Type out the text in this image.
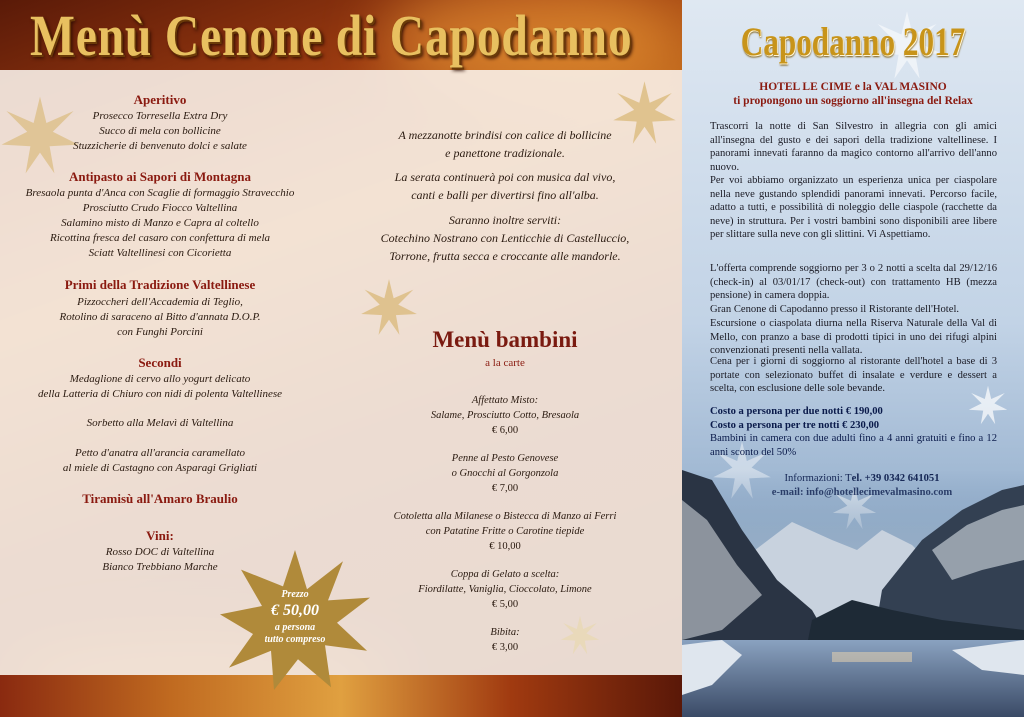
Menù Cenone di Capodanno
Aperitivo
Prosecco Torresella Extra Dry
Succo di mela con bollicine
Stuzzicherie di benvenuto dolci e salate
Antipasto ai Sapori di Montagna
Bresaola punta d'Anca con Scaglie di formaggio Stravecchio
Prosciutto Crudo Fiocco Valtellina
Salamino misto di Manzo e Capra al coltello
Ricottina fresca del casaro con confettura di mela
Sciatt Valtellinesi con Cicorietta
Primi della Tradizione Valtellinese
Pizzoccheri dell'Accademia di Teglio,
Rotolino di saraceno al Bitto d'annata D.O.P.
con Funghi Porcini
Secondi
Medaglione di cervo allo yogurt delicato
della Latteria di Chiuro con nidi di polenta Valtellinese
Sorbetto alla Melavì di Valtellina
Petto d'anatra all'arancia caramellato
al miele di Castagno con Asparagi Grigliati
Tiramisù all'Amaro Braulio
Vini:
Rosso DOC di Valtellina
Bianco Trebbiano Marche
A mezzanotte brindisi con calice di bollicine
e panettone tradizionale.
La serata continuerà poi con musica dal vivo,
canti e balli per divertirsi fino all'alba.
Saranno inoltre serviti:
Cotechino Nostrano con Lenticchie di Castelluccio,
Torrone, frutta secca e croccante alle mandorle.
Menù bambini
a la carte
Affettato Misto:
Salame, Prosciutto Cotto, Bresaola
€ 6,00
Penne al Pesto Genovese
o Gnocchi al Gorgonzola
€ 7,00
Cotoletta alla Milanese o Bistecca di Manzo ai Ferri
con Patatine Fritte o Carotine tiepide
€ 10,00
Coppa di Gelato a scelta:
Fiordilatte, Vaniglia, Cioccolato, Limone
€ 5,00
Bibita:
€ 3,00
Prezzo
€ 50,00
a persona
tutto compreso
Capodanno 2017
HOTEL LE CIME e la VAL MASINO
ti propongono un soggiorno all'insegna del Relax

Trascorri la notte di San Silvestro in allegria con gli amici all'insegna del gusto e dei sapori della tradizione valtellinese. I panorami innevati faranno da magico contorno all'arrivo dell'anno nuovo.

Per voi abbiamo organizzato un esperienza unica per ciaspolare nella neve gustando splendidi panorami innevati. Percorso facile, adatto a tutti, e possibilità di noleggio delle ciaspole (racchette da neve) in struttura. Per i vostri bambini sono disponibili aree libere per slittare sulla neve con gli slittini. Vi Aspettiamo.

L'offerta comprende soggiorno per 3 o 2 notti a scelta dal 29/12/16 (check-in) al 03/01/17 (check-out) con trattamento HB (mezza pensione) in camera doppia.

Gran Cenone di Capodanno presso il Ristorante dell'Hotel.

Escursione o ciaspolata diurna nella Riserva Naturale della Val di Mello, con pranzo a base di prodotti tipici in uno dei rifugi alpini convenzionati presenti nella vallata.

Cena per i giorni di soggiorno al ristorante dell'hotel a base di 3 portate con selezionato buffet di insalate e verdure e dessert a scelta, con esclusione delle sole bevande.

Costo a persona per due notti € 190,00

Costo a persona per tre notti € 230,00

Bambini in camera con due adulti fino a 4 anni gratuiti e fino a 12 anni sconto del 50%
